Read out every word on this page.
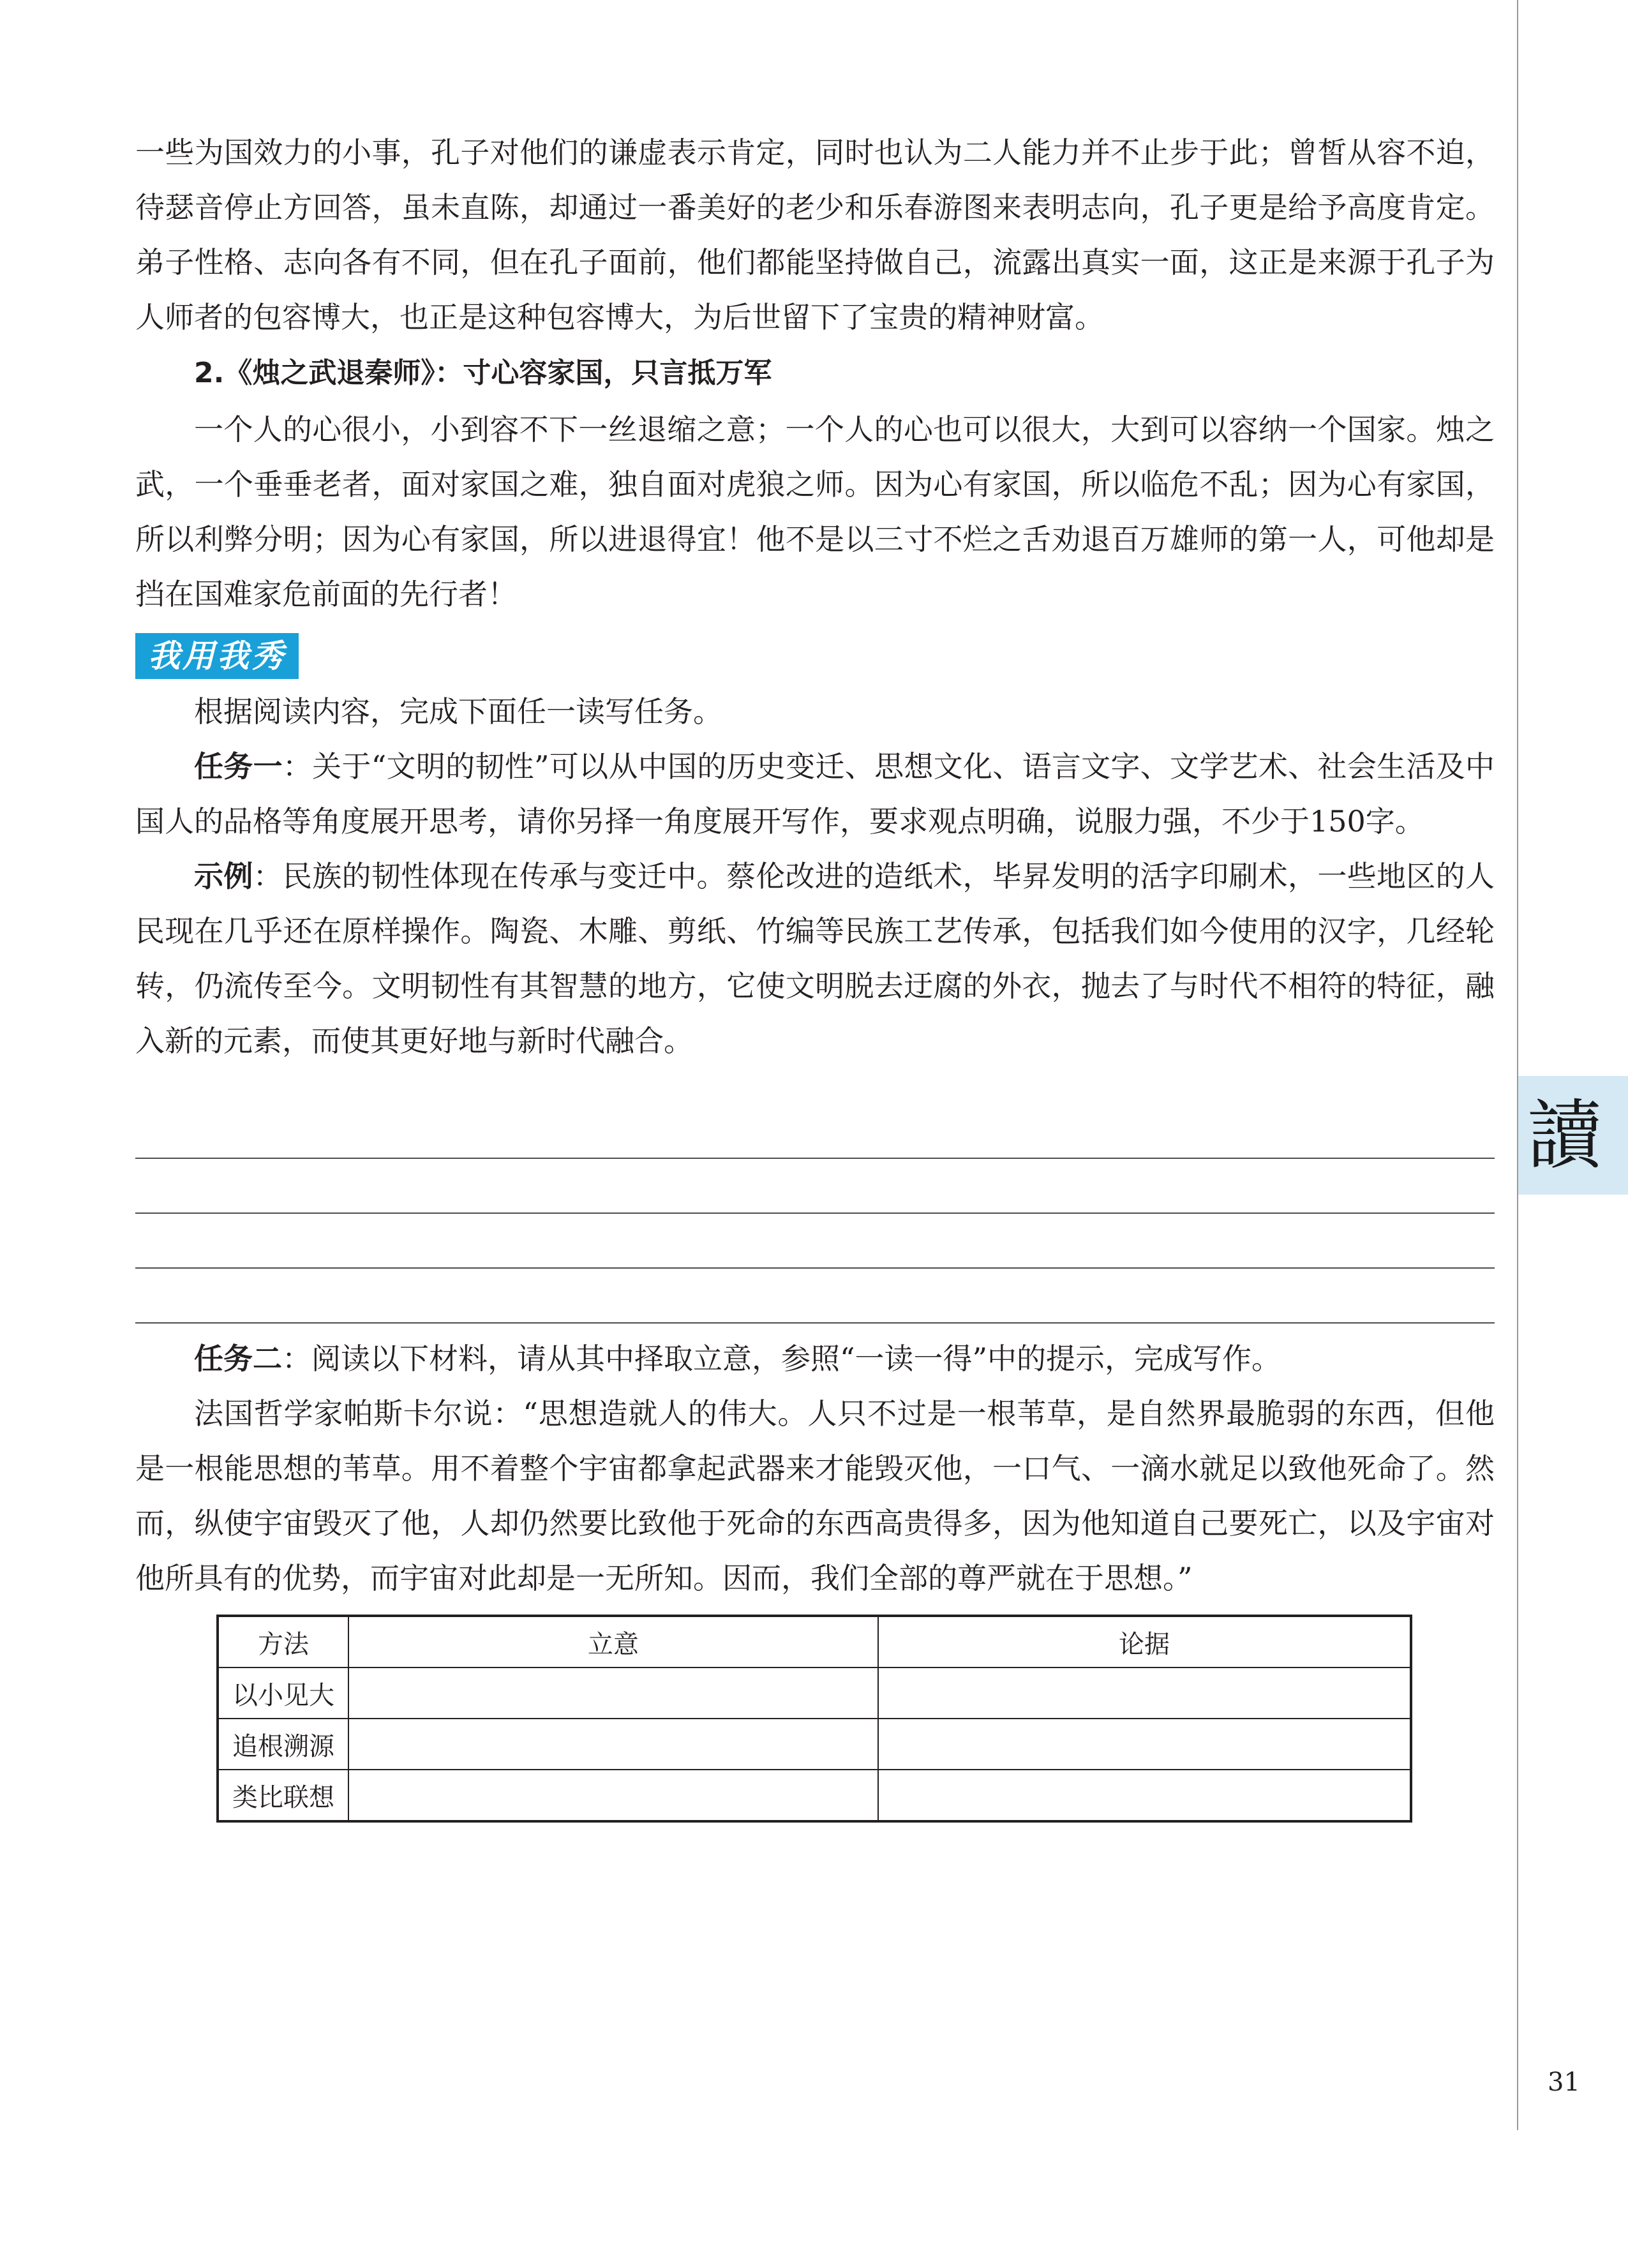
一些为国效力的小事，孔子对他们的谦虚表示肯定，同时也认为二人能力并不止步于此；曾皙从容不迫，待瑟音停止方回答，虽未直陈，却通过一番美好的老少和乐春游图来表明志向，孔子更是给予高度肯定。弟子性格、志向各有不同，但在孔子面前，他们都能坚持做自己，流露出真实一面，这正是来源于孔子为人师者的包容博大，也正是这种包容博大，为后世留下了宝贵的精神财富。

2.《烛之武退秦师》：寸心容家国，只言抵万军

一个人的心很小，小到容不下一丝退缩之意；一个人的心也可以很大，大到可以容纳一个国家。烛之武，一个垂垂老者，面对家国之难，独自面对虎狼之师。因为心有家国，所以临危不乱；因为心有家国，所以利弊分明；因为心有家国，所以进退得宜！他不是以三寸不烂之舌劝退百万雄师的第一人，可他却是挡在国难家危前面的先行者！

我用我秀

根据阅读内容，完成下面任一读写任务。

任务一：关于“文明的韧性”可以从中国的历史变迁、思想文化、语言文字、文学艺术、社会生活及中国人的品格等角度展开思考，请你另择一角度展开写作，要求观点明确，说服力强，不少于150字。

示例：民族的韧性体现在传承与变迁中。蔡伦改进的造纸术，毕昇发明的活字印刷术，一些地区的人民现在几乎还在原样操作。陶瓷、木雕、剪纸、竹编等民族工艺传承，包括我们如今使用的汉字，几经轮转，仍流传至今。文明韧性有其智慧的地方，它使文明脱去迂腐的外衣，抛去了与时代不相符的特征，融入新的元素，而使其更好地与新时代融合。

任务二：阅读以下材料，请从其中择取立意，参照“一读一得”中的提示，完成写作。

法国哲学家帕斯卡尔说：“思想造就人的伟大。人只不过是一根苇草，是自然界最脆弱的东西，但他是一根能思想的苇草。用不着整个宇宙都拿起武器来才能毁灭他，一口气、一滴水就足以致他死命了。然而，纵使宇宙毁灭了他，人却仍然要比致他于死命的东西高贵得多，因为他知道自己要死亡，以及宇宙对他所具有的优势，而宇宙对此却是一无所知。因而，我们全部的尊严就在于思想。”

方法	立意	论据
以小见大		
追根溯源		
类比联想		
讀
31
